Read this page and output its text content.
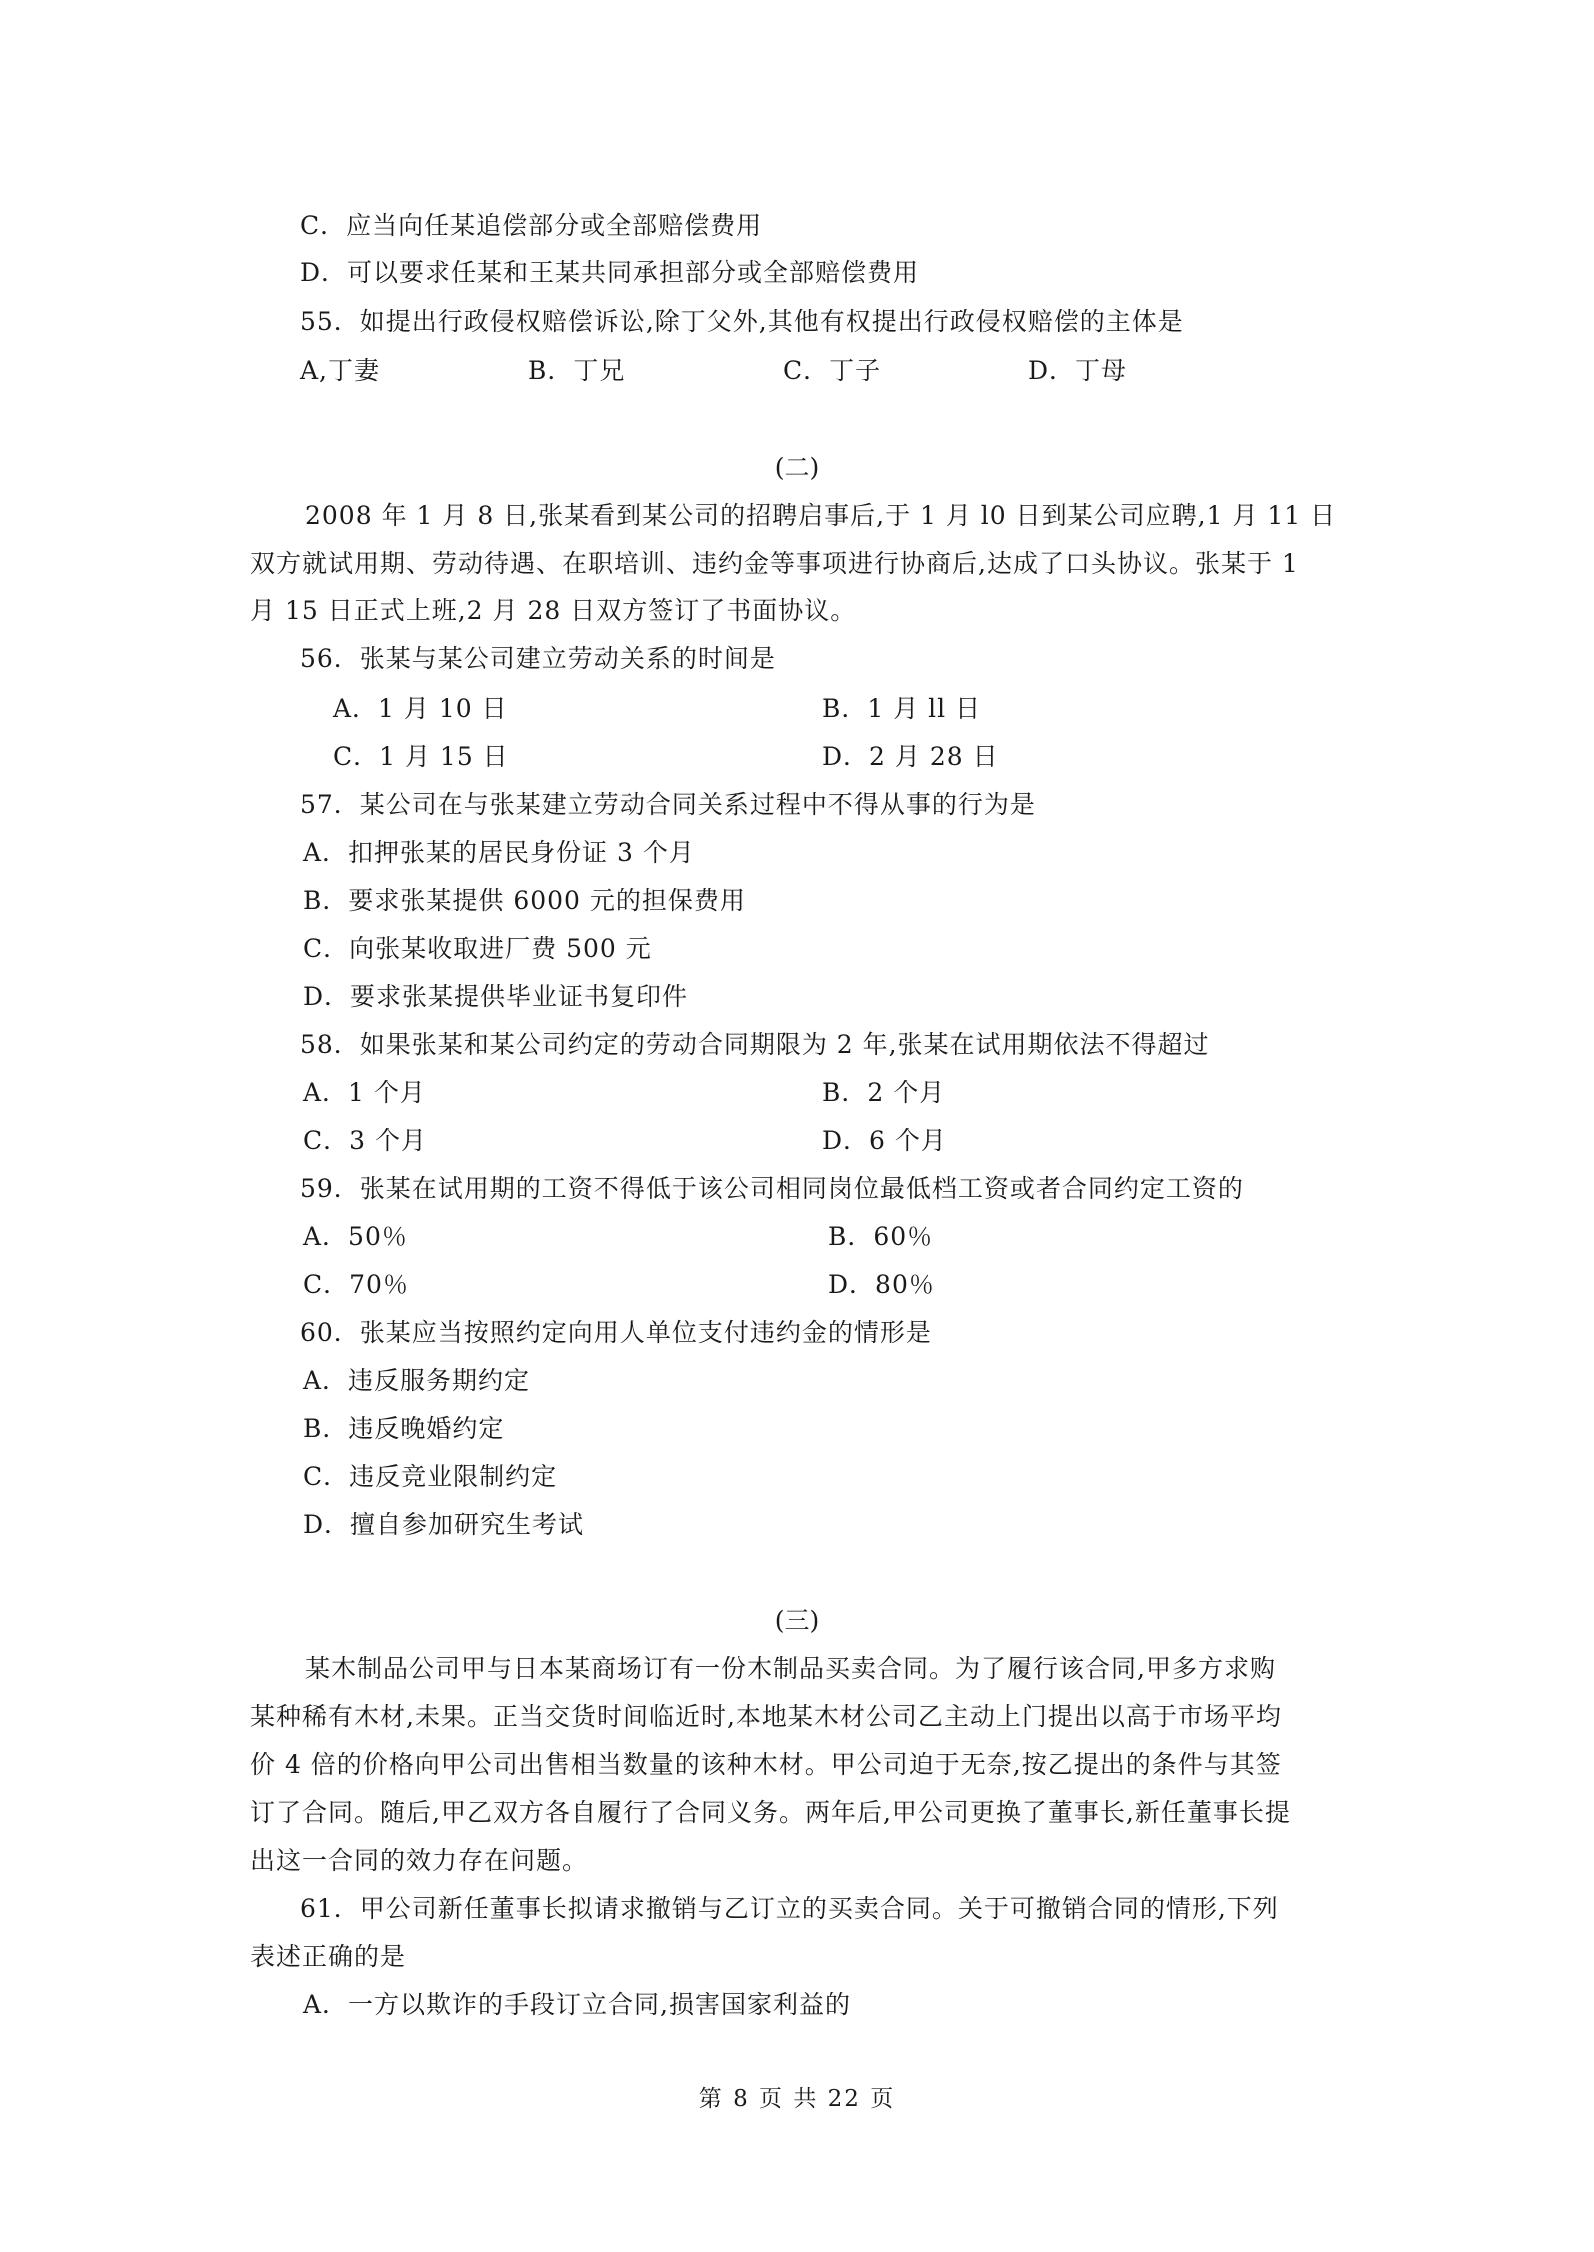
C．应当向任某追偿部分或全部赔偿费用
D．可以要求任某和王某共同承担部分或全部赔偿费用
55．如提出行政侵权赔偿诉讼,除丁父外,其他有权提出行政侵权赔偿的主体是
A,丁妻	B．丁兄	C．丁子	D．丁母
(二)
2008 年 1 月 8 日,张某看到某公司的招聘启事后,于 1 月 l0 日到某公司应聘,1 月 11 日
双方就试用期、劳动待遇、在职培训、违约金等事项进行协商后,达成了口头协议。张某于 1
月 15 日正式上班,2 月 28 日双方签订了书面协议。
56．张某与某公司建立劳动关系的时间是
A．1 月 10 日	B．1 月 ll 日
C．1 月 15 日	D．2 月 28 日
57．某公司在与张某建立劳动合同关系过程中不得从事的行为是
A．扣押张某的居民身份证 3 个月
B．要求张某提供 6000 元的担保费用
C．向张某收取进厂费 500 元
D．要求张某提供毕业证书复印件
58．如果张某和某公司约定的劳动合同期限为 2 年,张某在试用期依法不得超过
A．1 个月	B．2 个月
C．3 个月	D．6 个月
59．张某在试用期的工资不得低于该公司相同岗位最低档工资或者合同约定工资的
A．50％	B．60％
C．70％	D．80％
60．张某应当按照约定向用人单位支付违约金的情形是
A．违反服务期约定
B．违反晚婚约定
C．违反竞业限制约定
D．擅自参加研究生考试
(三)
某木制品公司甲与日本某商场订有一份木制品买卖合同。为了履行该合同,甲多方求购
某种稀有木材,未果。正当交货时间临近时,本地某木材公司乙主动上门提出以高于市场平均
价 4 倍的价格向甲公司出售相当数量的该种木材。甲公司迫于无奈,按乙提出的条件与其签
订了合同。随后,甲乙双方各自履行了合同义务。两年后,甲公司更换了董事长,新任董事长提
出这一合同的效力存在问题。
61．甲公司新任董事长拟请求撤销与乙订立的买卖合同。关于可撤销合同的情形,下列
表述正确的是
A．一方以欺诈的手段订立合同,损害国家利益的
第 8 页 共 22 页
